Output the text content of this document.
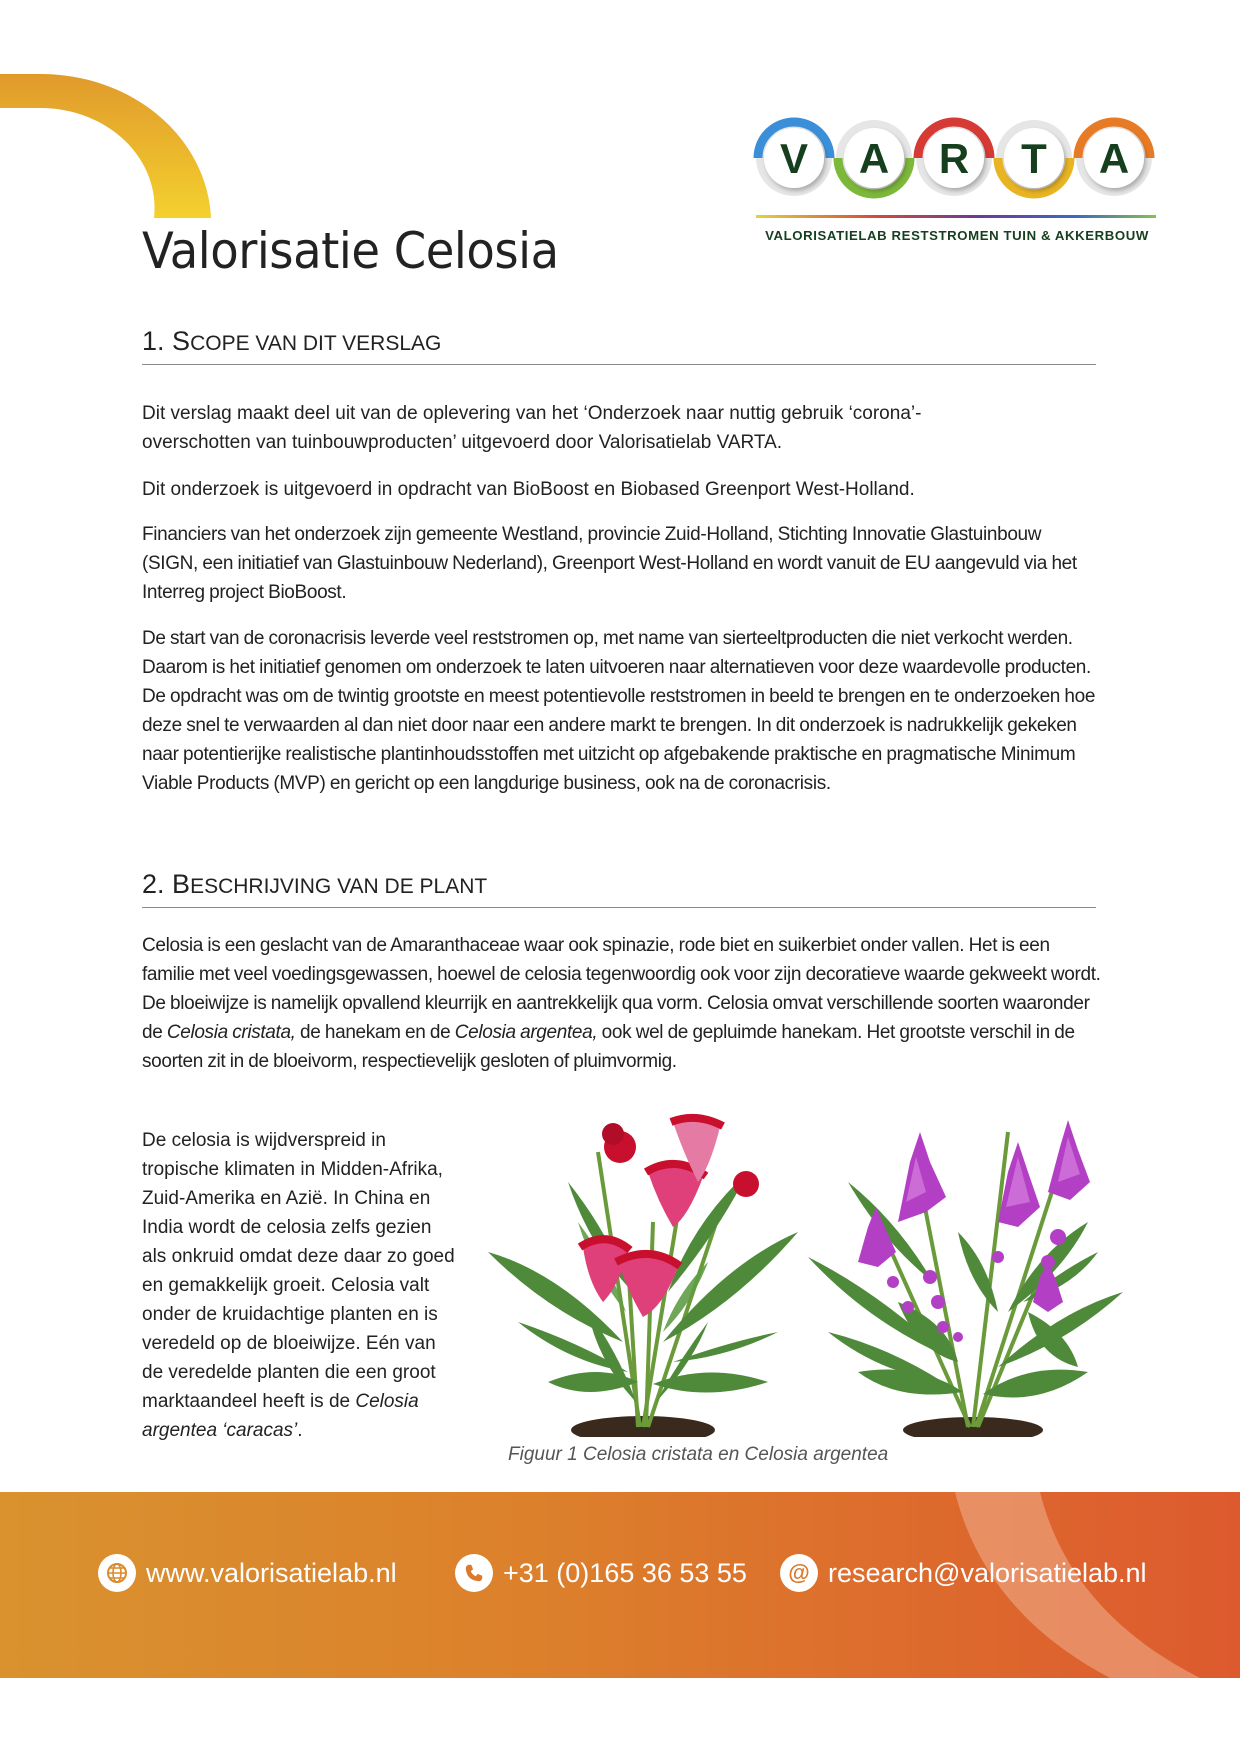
V A R T A
VALORISATIELAB RESTSTROMEN TUIN & AKKERBOUW
Valorisatie Celosia
1. SCOPE VAN DIT VERSLAG

Dit verslag maakt deel uit van de oplevering van het ‘Onderzoek naar nuttig gebruik ‘corona’-overschotten van tuinbouwproducten’ uitgevoerd door Valorisatielab VARTA.

Dit onderzoek is uitgevoerd in opdracht van BioBoost en Biobased Greenport West-Holland.

Financiers van het onderzoek zijn gemeente Westland, provincie Zuid-Holland, Stichting Innovatie Glastuinbouw (SIGN, een initiatief van Glastuinbouw Nederland), Greenport West-Holland en wordt vanuit de EU aangevuld via het Interreg project BioBoost.

De start van de coronacrisis leverde veel reststromen op, met name van sierteeltproducten die niet verkocht werden. Daarom is het initiatief genomen om onderzoek te laten uitvoeren naar alternatieven voor deze waardevolle producten. De opdracht was om de twintig grootste en meest potentievolle reststromen in beeld te brengen en te onderzoeken hoe deze snel te verwaarden al dan niet door naar een andere markt te brengen. In dit onderzoek is nadrukkelijk gekeken naar potentierijke realistische plantinhoudsstoffen met uitzicht op afgebakende praktische en pragmatische Minimum Viable Products (MVP) en gericht op een langdurige business, ook na de coronacrisis.

2. BESCHRIJVING VAN DE PLANT

Celosia is een geslacht van de Amaranthaceae waar ook spinazie, rode biet en suikerbiet onder vallen. Het is een familie met veel voedingsgewassen, hoewel de celosia tegenwoordig ook voor zijn decoratieve waarde gekweekt wordt. De bloeiwijze is namelijk opvallend kleurrijk en aantrekkelijk qua vorm. Celosia omvat verschillende soorten waaronder de Celosia cristata, de hanekam en de Celosia argentea, ook wel de gepluimde hanekam. Het grootste verschil in de soorten zit in de bloeivorm, respectievelijk gesloten of pluimvormig.

De celosia is wijdverspreid in tropische klimaten in Midden-Afrika, Zuid-Amerika en Azië. In China en India wordt de celosia zelfs gezien als onkruid omdat deze daar zo goed en gemakkelijk groeit. Celosia valt onder de kruidachtige planten en is veredeld op de bloeiwijze. Eén van de veredelde planten die een groot marktaandeel heeft is de Celosia argentea ‘caracas’.

Figuur 1 Celosia cristata en Celosia argentea
www.valorisatielab.nl	+31 (0)165 36 53 55	@ research@valorisatielab.nl
